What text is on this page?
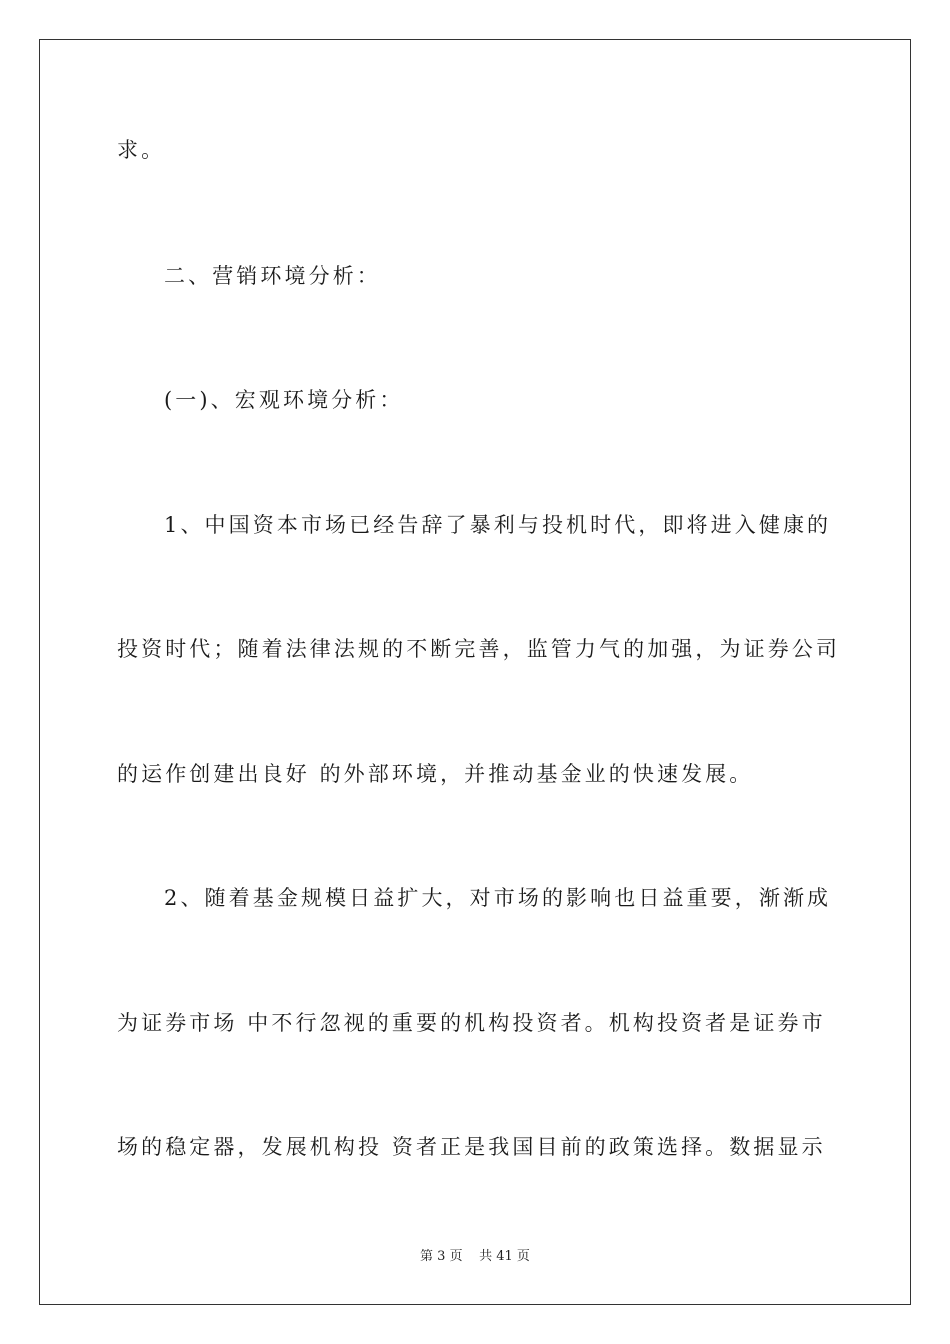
求。
二、营销环境分析：
(一)、宏观环境分析：
1、中国资本市场已经告辞了暴利与投机时代，即将进入健康的
投资时代；随着法律法规的不断完善，监管力气的加强，为证券公司
的运作创建出良好 的外部环境，并推动基金业的快速发展。
2、随着基金规模日益扩大，对市场的影响也日益重要，渐渐成
为证券市场 中不行忽视的重要的机构投资者。机构投资者是证券市
场的稳定器，发展机构投 资者正是我国目前的政策选择。数据显示
第 3 页 共 41 页
